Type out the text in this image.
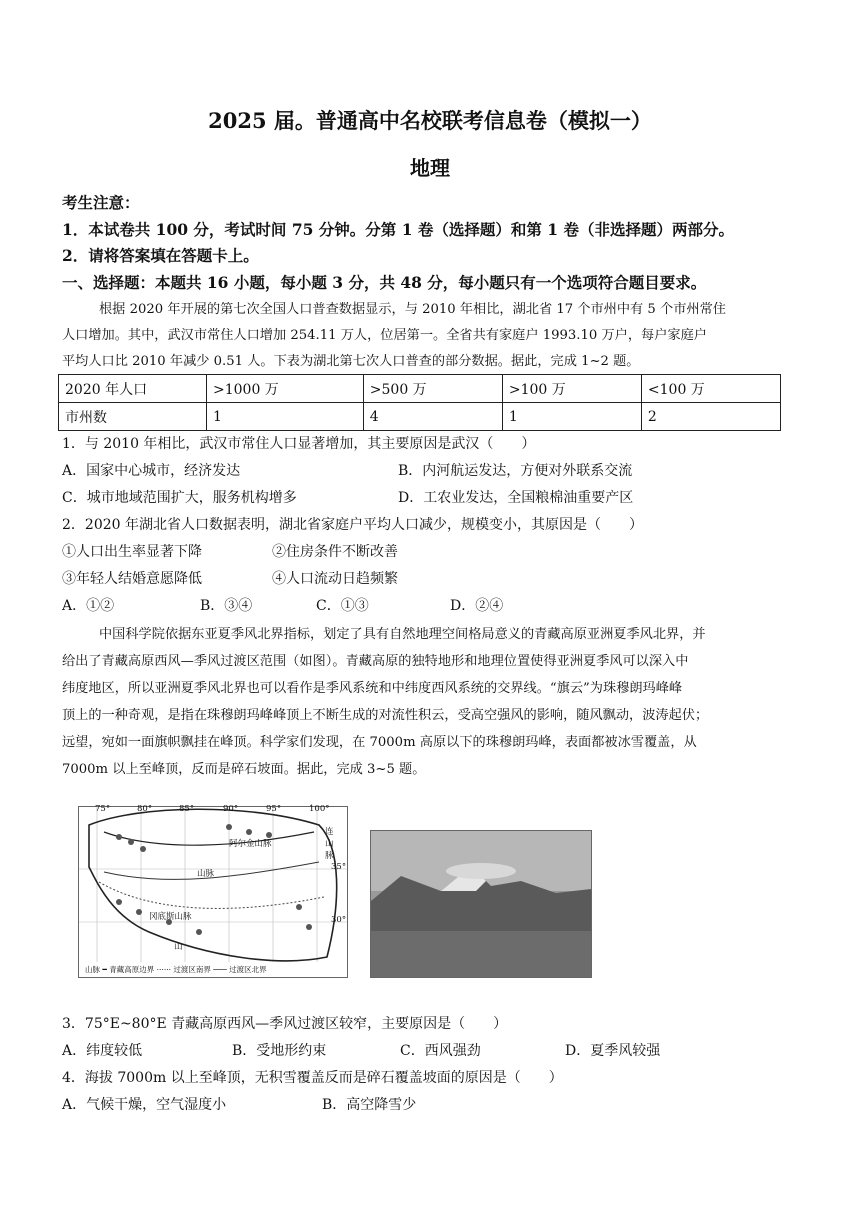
2025 届。普通高中名校联考信息卷（模拟一）
地理
考生注意：
1．本试卷共 100 分，考试时间 75 分钟。分第 1 卷（选择题）和第 1 卷（非选择题）两部分。
2．请将答案填在答题卡上。
一、选择题：本题共 16 小题，每小题 3 分，共 48 分，每小题只有一个选项符合题目要求。
根据 2020 年开展的第七次全国人口普查数据显示，与 2010 年相比，湖北省 17 个市州中有 5 个市州常住
人口增加。其中，武汉市常住人口增加 254.11 万人，位居第一。全省共有家庭户 1993.10 万户，每户家庭户
平均人口比 2010 年减少 0.51 人。下表为湖北第七次人口普查的部分数据。据此，完成 1~2 题。
2020 年人口	>1000 万	>500 万	>100 万	<100 万
市州数	1	4	1	2
1．与 2010 年相比，武汉市常住人口显著增加，其主要原因是武汉（　　）
A．国家中心城市，经济发达	B．内河航运发达，方便对外联系交流
C．城市地域范围扩大，服务机构增多	D．工农业发达，全国粮棉油重要产区
2．2020 年湖北省人口数据表明，湖北省家庭户平均人口减少，规模变小，其原因是（　　）
①人口出生率显著下降	②住房条件不断改善
③年轻人结婚意愿降低	④人口流动日趋频繁
A．①②	B．③④	C．①③	D．②④
中国科学院依据东亚夏季风北界指标，划定了具有自然地理空间格局意义的青藏高原亚洲夏季风北界，并
给出了青藏高原西风—季风过渡区范围（如图）。青藏高原的独特地形和地理位置使得亚洲夏季风可以深入中
纬度地区，所以亚洲夏季风北界也可以看作是季风系统和中纬度西风系统的交界线。“旗云”为珠穆朗玛峰峰
顶上的一种奇观，是指在珠穆朗玛峰峰顶上不断生成的对流性积云，受高空强风的影响，随风飘动，波涛起伏；
远望，宛如一面旗帜飘挂在峰顶。科学家们发现，在 7000m 高原以下的珠穆朗玛峰，表面都被冰雪覆盖，从
7000m 以上至峰顶，反而是碎石坡面。据此，完成 3~5 题。
75°	80°	85°	90°	95°	100°
35°
30°
阿尔金山脉
山脉
冈底斯山脉
山
连
山
脉
山脉 ━ 青藏高原边界 ······ 过渡区南界 ─── 过渡区北界
3．75°E~80°E 青藏高原西风—季风过渡区较窄，主要原因是（　　）
A．纬度较低	B．受地形约束	C．西风强劲	D．夏季风较强
4．海拔 7000m 以上至峰顶，无积雪覆盖反而是碎石覆盖坡面的原因是（　　）
A．气候干燥，空气湿度小	B．高空降雪少
